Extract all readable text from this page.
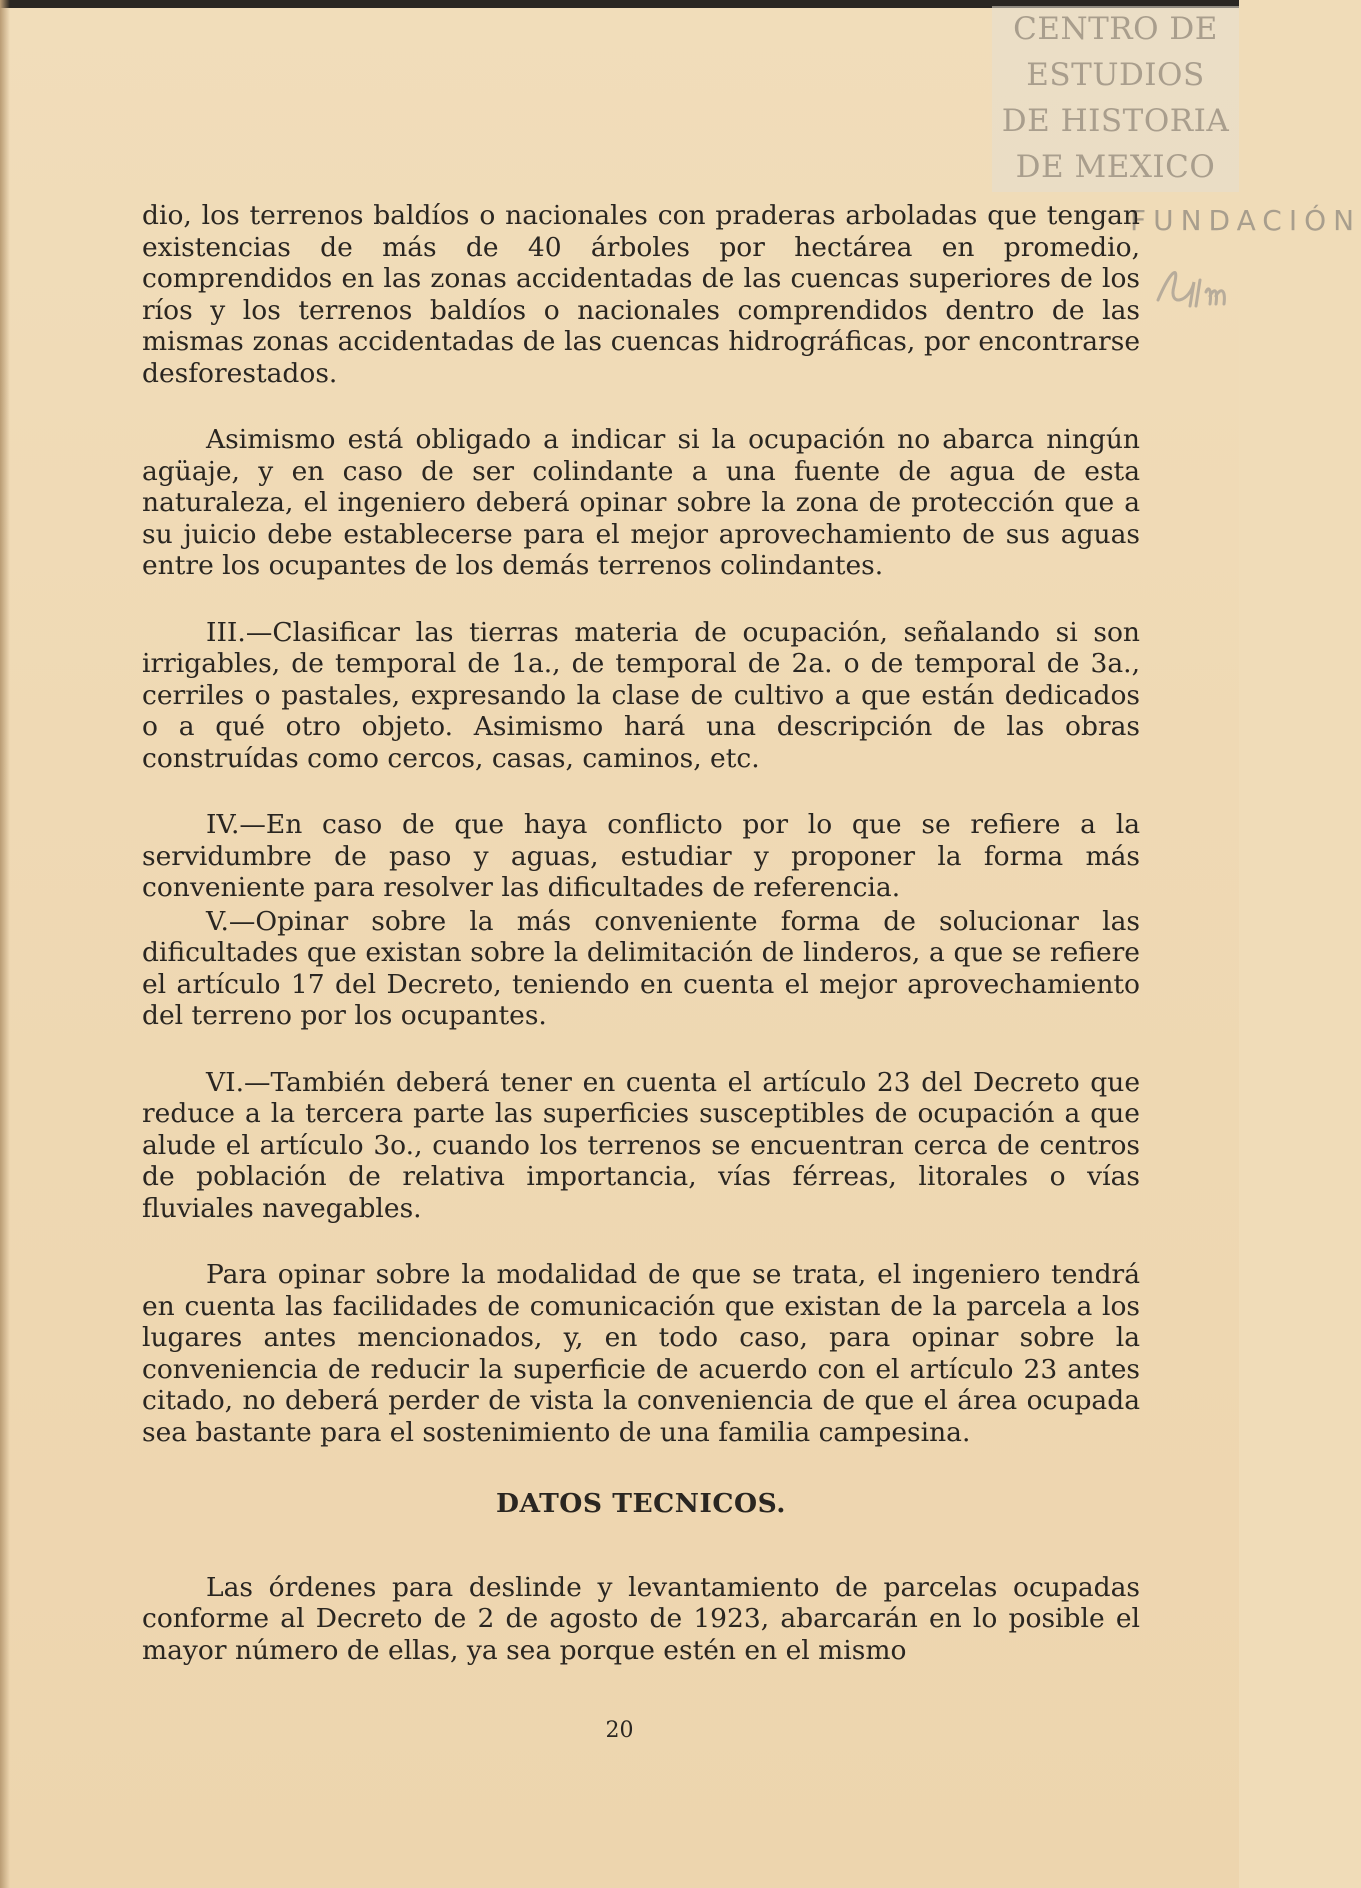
CENTRO DE
ESTUDIOS
DE HISTORIA
DE MEXICO
FUNDACIÓN

dio, los terrenos baldíos o nacionales con praderas arboladas que tengan existencias de más de 40 árboles por hectárea en promedio, comprendidos en las zonas accidentadas de las cuencas superiores de los ríos y los terrenos baldíos o nacionales comprendidos dentro de las mismas zonas accidentadas de las cuencas hidrográficas, por encontrarse desforestados.

Asimismo está obligado a indicar si la ocupación no abarca ningún agüaje, y en caso de ser colindante a una fuente de agua de esta naturaleza, el ingeniero deberá opinar sobre la zona de protección que a su juicio debe establecerse para el mejor aprovechamiento de sus aguas entre los ocupantes de los demás terrenos colindantes.

III.—Clasificar las tierras materia de ocupación, señalando si son irrigables, de temporal de 1a., de temporal de 2a. o de temporal de 3a., cerriles o pastales, expresando la clase de cultivo a que están dedicados o a qué otro objeto. Asimismo hará una descripción de las obras construídas como cercos, casas, caminos, etc.

IV.—En caso de que haya conflicto por lo que se refiere a la servidumbre de paso y aguas, estudiar y proponer la forma más conveniente para resolver las dificultades de referencia.

V.—Opinar sobre la más conveniente forma de solucionar las dificultades que existan sobre la delimitación de linderos, a que se refiere el artículo 17 del Decreto, teniendo en cuenta el mejor aprovechamiento del terreno por los ocupantes.

VI.—También deberá tener en cuenta el artículo 23 del Decreto que reduce a la tercera parte las superficies susceptibles de ocupación a que alude el artículo 3o., cuando los terrenos se encuentran cerca de centros de población de relativa importancia, vías férreas, litorales o vías fluviales navegables.

Para opinar sobre la modalidad de que se trata, el ingeniero tendrá en cuenta las facilidades de comunicación que existan de la parcela a los lugares antes mencionados, y, en todo caso, para opinar sobre la conveniencia de reducir la superficie de acuerdo con el artículo 23 antes citado, no deberá perder de vista la conveniencia de que el área ocupada sea bastante para el sostenimiento de una familia campesina.

DATOS TECNICOS.

Las órdenes para deslinde y levantamiento de parcelas ocupadas conforme al Decreto de 2 de agosto de 1923, abarcarán en lo posible el mayor número de ellas, ya sea porque estén en el mismo

20
